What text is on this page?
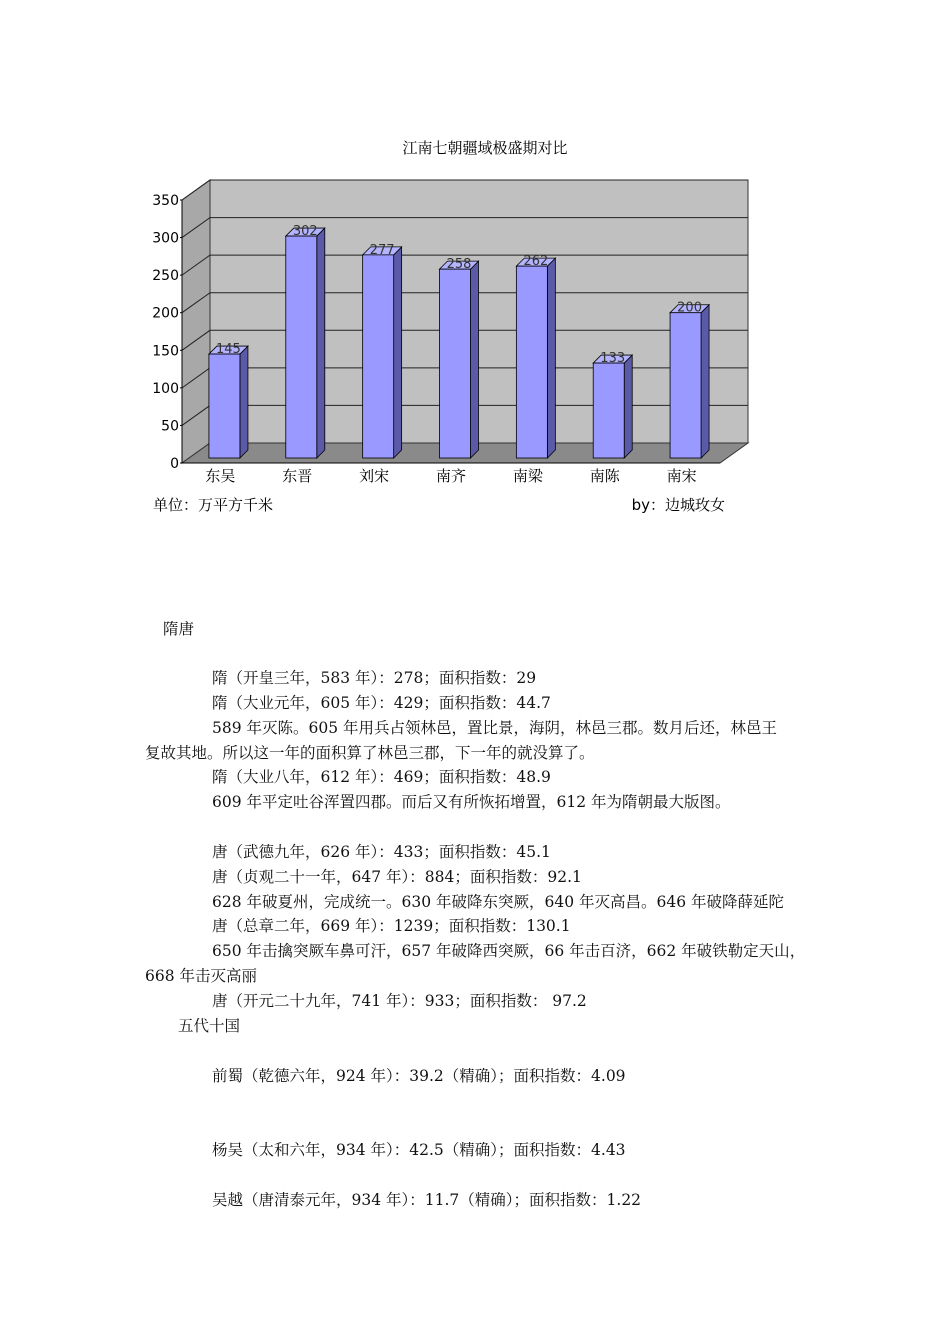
江南七朝疆域极盛期对比
0
50
100
150
200
250
300
350
145
东吴
302
东晋
277
刘宋
258
南齐
262
南梁
133
南陈
200
南宋
单位：万平方千米	by：边城玫女
隋唐
隋（开皇三年，583 年）：278；面积指数：29
隋（大业元年，605 年）：429；面积指数：44.7
589 年灭陈。605 年用兵占领林邑，置比景，海阴，林邑三郡。数月后还，林邑王
复故其地。所以这一年的面积算了林邑三郡，下一年的就没算了。
隋（大业八年，612 年）：469；面积指数：48.9
609 年平定吐谷浑置四郡。而后又有所恢拓增置，612 年为隋朝最大版图。
唐（武德九年，626 年）：433；面积指数：45.1
唐（贞观二十一年，647 年）：884；面积指数：92.1
628 年破夏州，完成统一。630 年破降东突厥，640 年灭高昌。646 年破降薛延陀
唐（总章二年，669 年）：1239；面积指数：130.1
650 年击擒突厥车鼻可汗，657 年破降西突厥，66 年击百济，662 年破铁勒定天山，
668 年击灭高丽
唐（开元二十九年，741 年）：933；面积指数： 97.2
五代十国
前蜀（乾德六年，924 年）：39.2（精确）；面积指数：4.09
杨吴（太和六年，934 年）：42.5（精确）；面积指数：4.43
吴越（唐清泰元年，934 年）：11.7（精确）；面积指数：1.22
